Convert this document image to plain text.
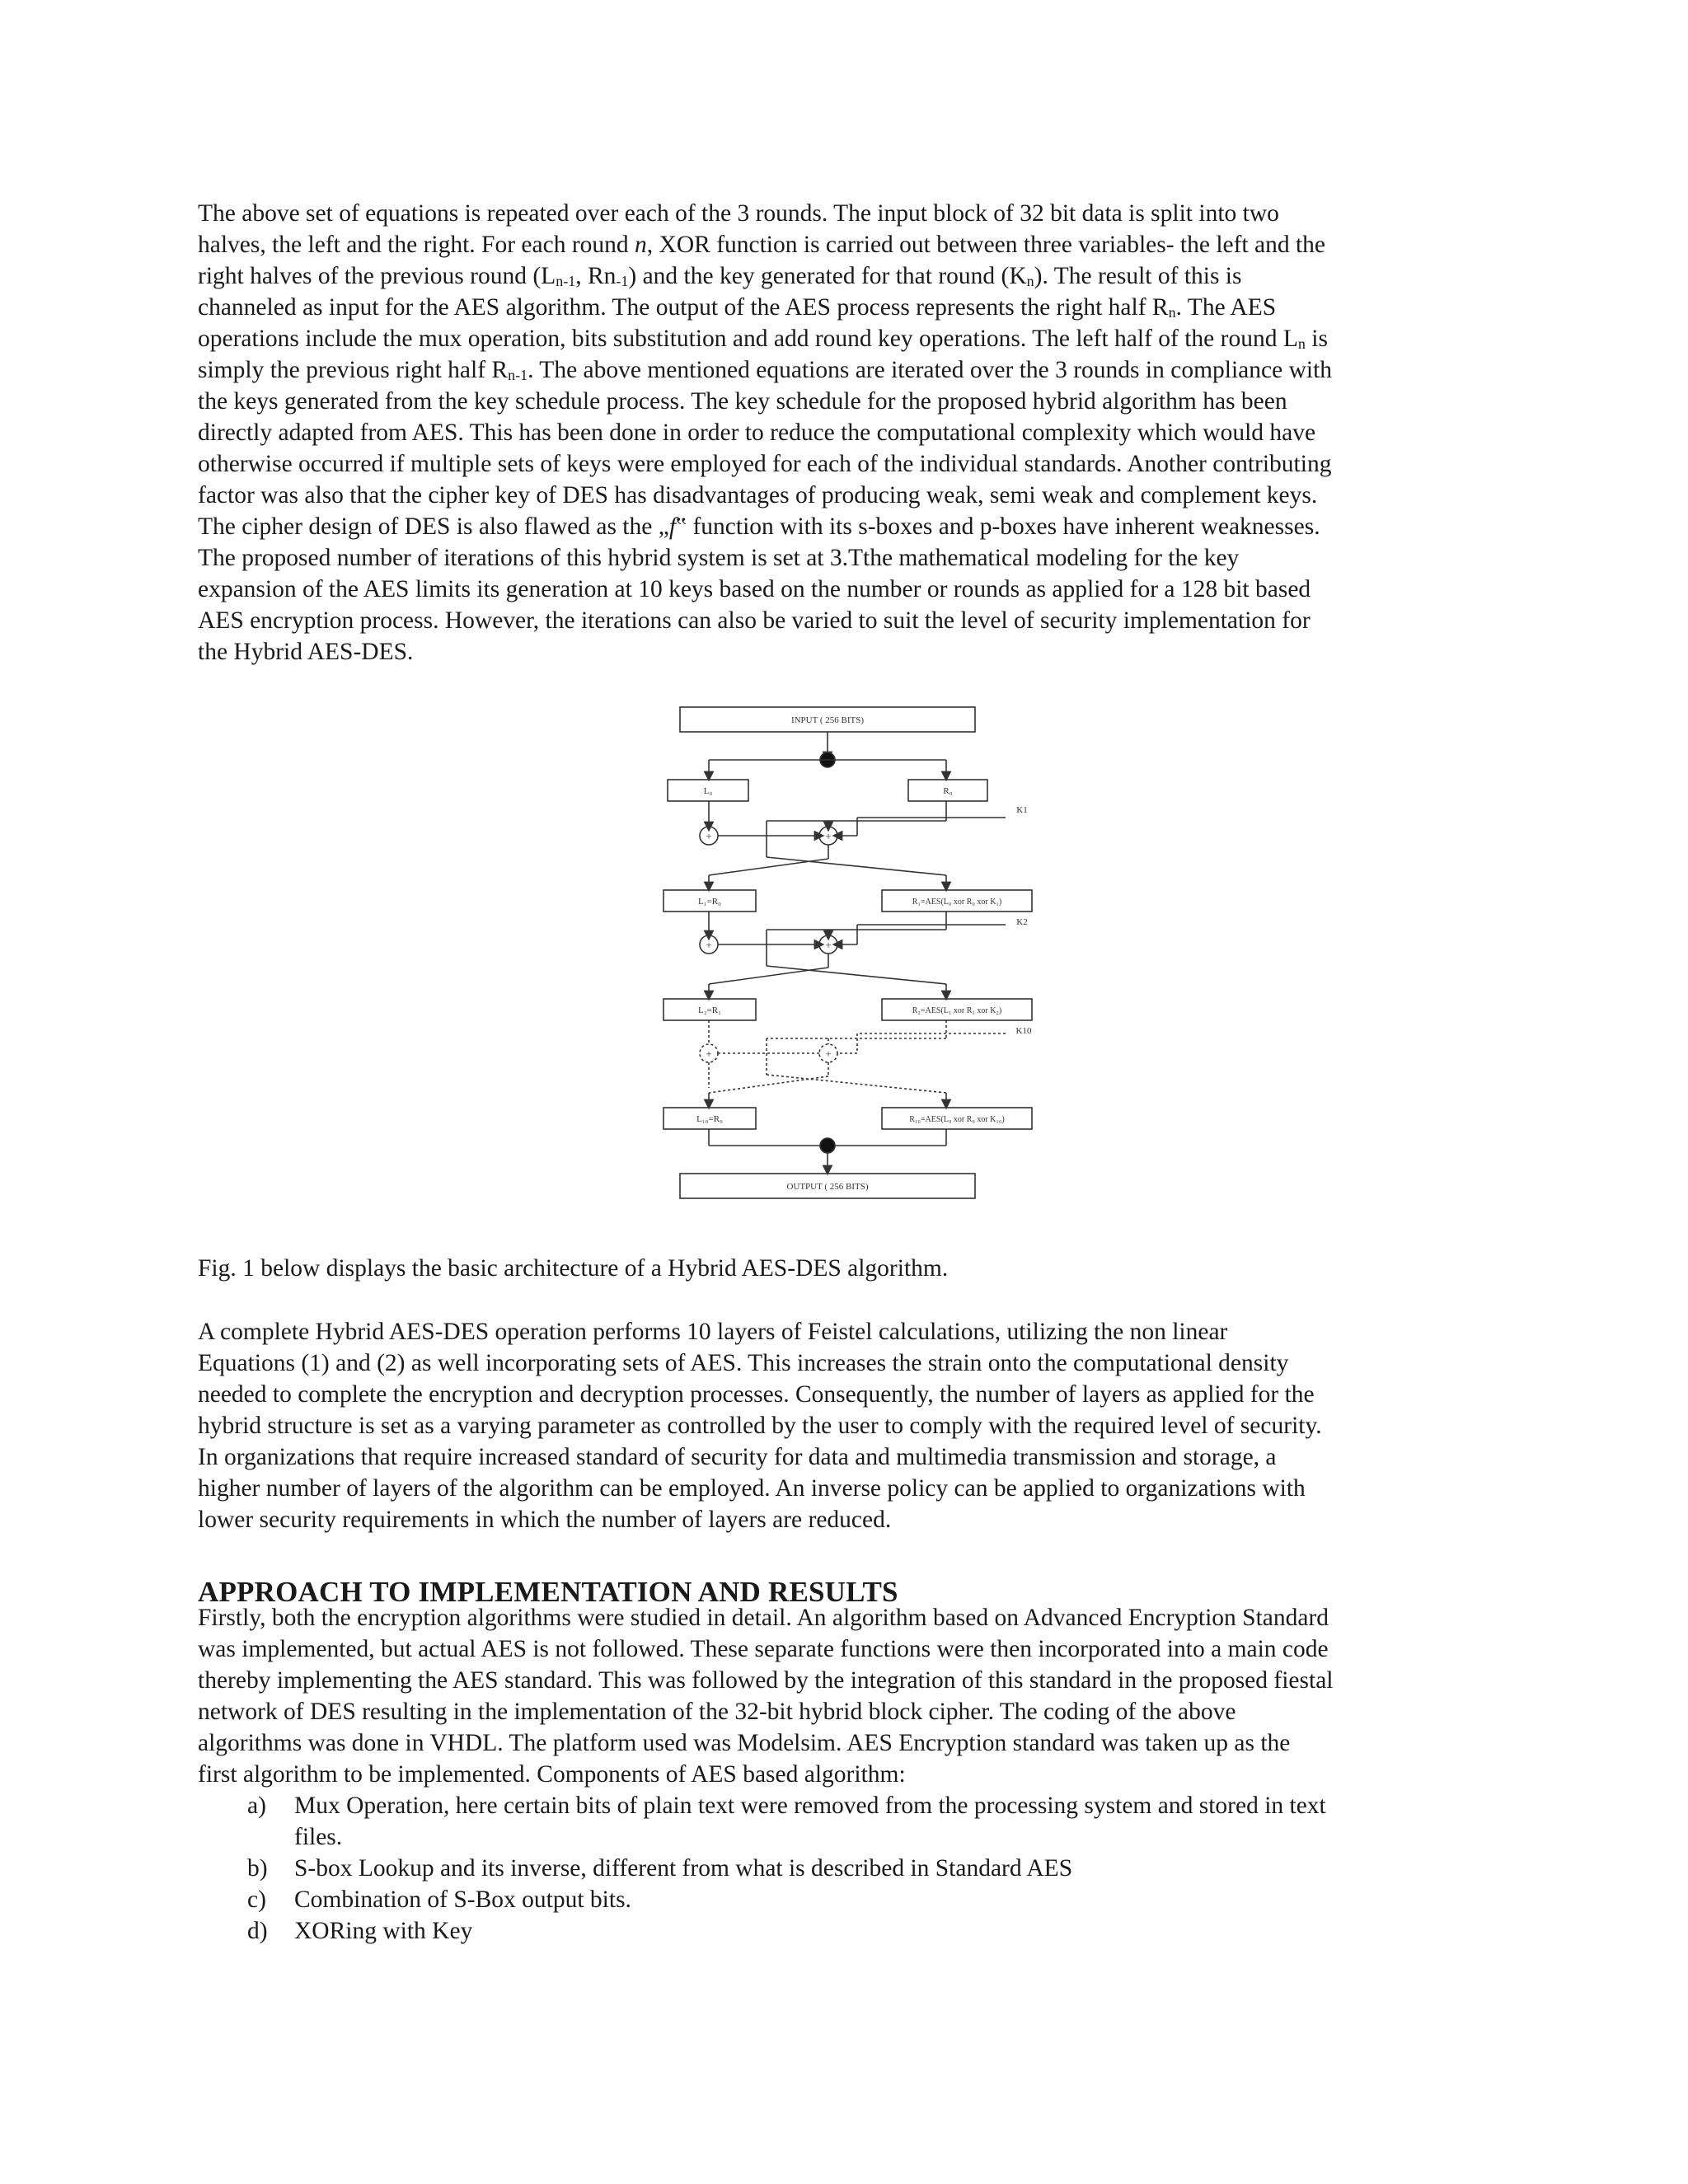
The above set of equations is repeated over each of the 3 rounds. The input block of 32 bit data is split into two
halves, the left and the right. For each round n, XOR function is carried out between three variables- the left and the
right halves of the previous round ($L_{n-1}$, $Rn_{-1}$) and the key generated for that round $(K_n)$. The result of this is
channeled as input for the AES algorithm. The output of the AES process represents the right half $R_n$. The AES
operations include the mux operation, bits substitution and add round key operations. The left half of the round $L_n$ is
simply the previous right half $R_{n-1}$. The above mentioned equations are iterated over the 3 rounds in compliance with
the keys generated from the key schedule process. The key schedule for the proposed hybrid algorithm has been
directly adapted from AES. This has been done in order to reduce the computational complexity which would have
otherwise occurred if multiple sets of keys were employed for each of the individual standards. Another contributing
factor was also that the cipher key of DES has disadvantages of producing weak, semi weak and complement keys.
The cipher design of DES is also flawed as the „f‟ function with its s-boxes and p-boxes have inherent weaknesses.
The proposed number of iterations of this hybrid system is set at 3.Tthe mathematical modeling for the key
expansion of the AES limits its generation at 10 keys based on the number or rounds as applied for a 128 bit based
AES encryption process. However, the iterations can also be varied to suit the level of security implementation for
the Hybrid AES-DES.

INPUT ( 256 BITS)
OUTPUT ( 256 BITS)
L₀	R₀
L₁=R₀	R₁=AES(L₀ xor R₀ xor K₁)
L₂=R₁	R₂=AES(L₁ xor R₁ xor K₂)
L₁₀=R₉	R₁₀=AES(L₉ xor R₉ xor K₁₀)
K1
K2
K10
+	+
+	+
+	+
Fig. 1 below displays the basic architecture of a Hybrid AES-DES algorithm.

A complete Hybrid AES-DES operation performs 10 layers of Feistel calculations, utilizing the non linear
Equations (1) and (2) as well incorporating sets of AES. This increases the strain onto the computational density
needed to complete the encryption and decryption processes. Consequently, the number of layers as applied for the
hybrid structure is set as a varying parameter as controlled by the user to comply with the required level of security.
In organizations that require increased standard of security for data and multimedia transmission and storage, a
higher number of layers of the algorithm can be employed. An inverse policy can be applied to organizations with
lower security requirements in which the number of layers are reduced.

APPROACH TO IMPLEMENTATION AND RESULTS

Firstly, both the encryption algorithms were studied in detail. An algorithm based on Advanced Encryption Standard
was implemented, but actual AES is not followed. These separate functions were then incorporated into a main code
thereby implementing the AES standard. This was followed by the integration of this standard in the proposed fiestal
network of DES resulting in the implementation of the 32-bit hybrid block cipher. The coding of the above
algorithms was done in VHDL. The platform used was Modelsim. AES Encryption standard was taken up as the
first algorithm to be implemented. Components of AES based algorithm:

a) Mux Operation, here certain bits of plain text were removed from the processing system and stored in text
files.
b) S-box Lookup and its inverse, different from what is described in Standard AES
c) Combination of S-Box output bits.
d) XORing with Key
